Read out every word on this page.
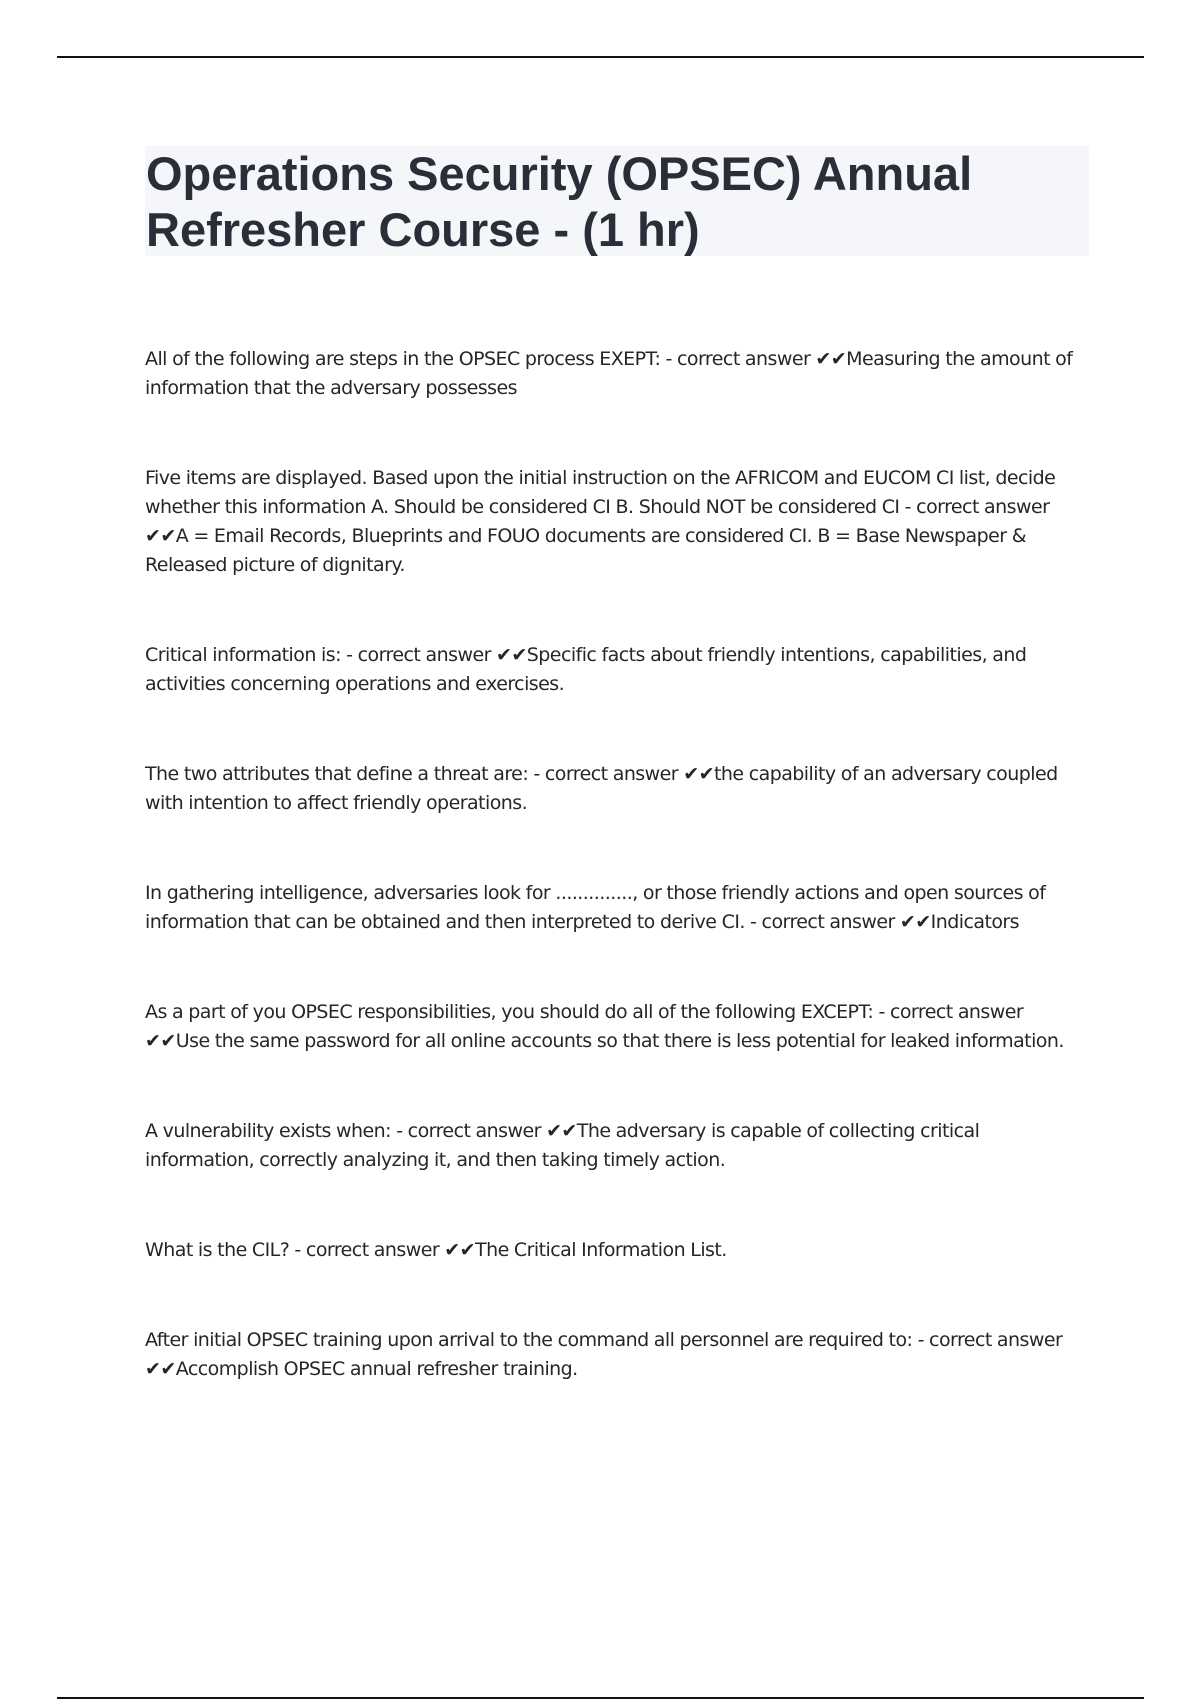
Operations Security (OPSEC) Annual Refresher Course - (1 hr)

All of the following are steps in the OPSEC process EXEPT: - correct answer ✔✔Measuring the amount of information that the adversary possesses

Five items are displayed. Based upon the initial instruction on the AFRICOM and EUCOM CI list, decide whether this information A. Should be considered CI B. Should NOT be considered CI - correct answer ✔✔A = Email Records, Blueprints and FOUO documents are considered CI. B = Base Newspaper & Released picture of dignitary.

Critical information is: - correct answer ✔✔Specific facts about friendly intentions, capabilities, and activities concerning operations and exercises.

The two attributes that define a threat are: - correct answer ✔✔the capability of an adversary coupled with intention to affect friendly operations.

In gathering intelligence, adversaries look for .............., or those friendly actions and open sources of information that can be obtained and then interpreted to derive CI. - correct answer ✔✔Indicators

As a part of you OPSEC responsibilities, you should do all of the following EXCEPT: - correct answer ✔✔Use the same password for all online accounts so that there is less potential for leaked information.

A vulnerability exists when: - correct answer ✔✔The adversary is capable of collecting critical information, correctly analyzing it, and then taking timely action.

What is the CIL? - correct answer ✔✔The Critical Information List.

After initial OPSEC training upon arrival to the command all personnel are required to: - correct answer ✔✔Accomplish OPSEC annual refresher training.
